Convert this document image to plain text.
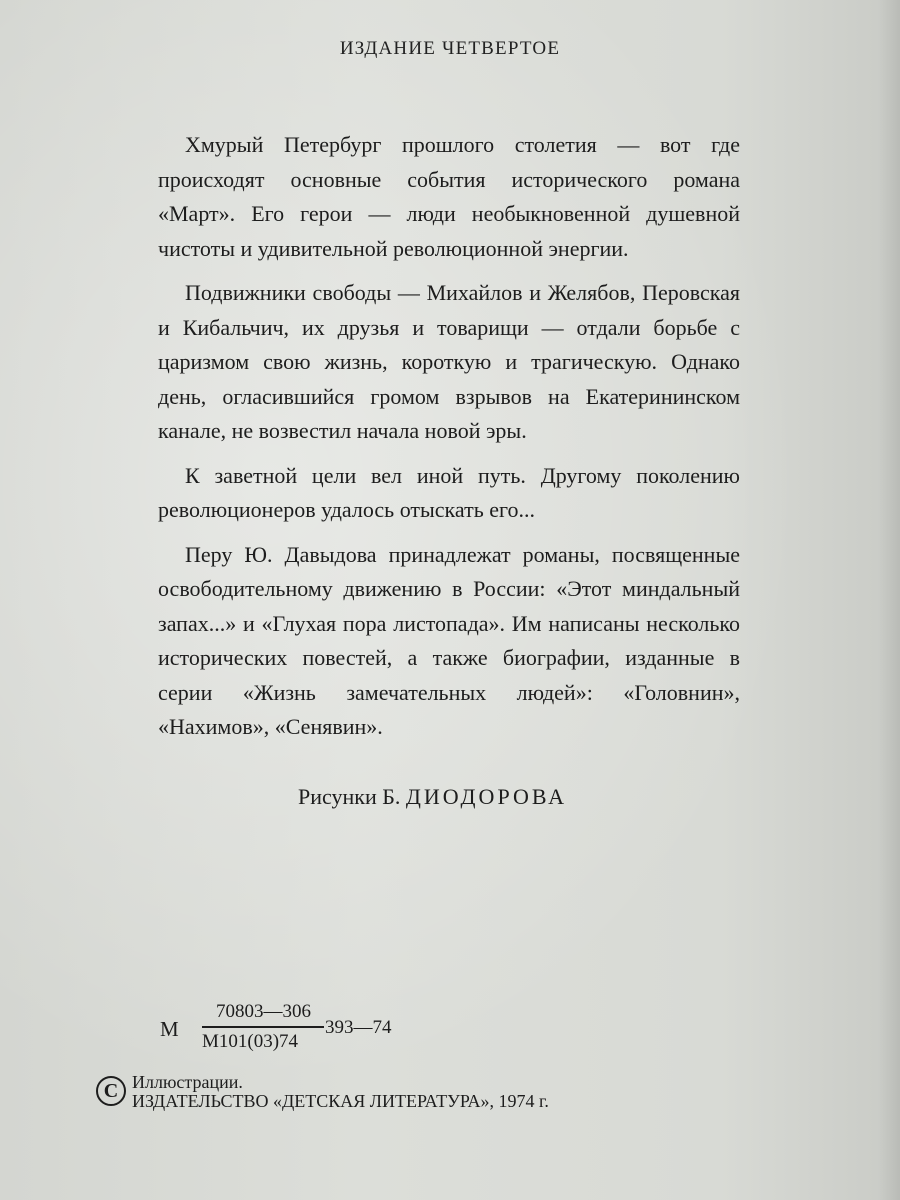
ИЗДАНИЕ ЧЕТВЕРТОЕ

Хмурый Петербург прошлого столетия — вот где происходят основные события исторического романа «Март». Его герои — люди необыкновенной душевной чистоты и удивительной революционной энергии.

Подвижники свободы — Михайлов и Желябов, Перовская и Кибальчич, их друзья и товарищи — отдали борьбе с царизмом свою жизнь, короткую и трагическую. Однако день, огласившийся громом взрывов на Екатерининском канале, не возвестил начала новой эры.

К заветной цели вел иной путь. Другому поколению революционеров удалось отыскать его...

Перу Ю. Давыдова принадлежат романы, посвященные освободительному движению в России: «Этот миндальный запах...» и «Глухая пора листопада». Им написаны несколько исторических повестей, а также биографии, изданные в серии «Жизнь замечательных людей»: «Головнин», «Нахимов», «Сенявин».

Рисунки Б. ДИОДОРОВА
М
70803—306
М101(03)74
393—74
C Иллюстрации.
ИЗДАТЕЛЬСТВО «ДЕТСКАЯ ЛИТЕРАТУРА», 1974 г.
